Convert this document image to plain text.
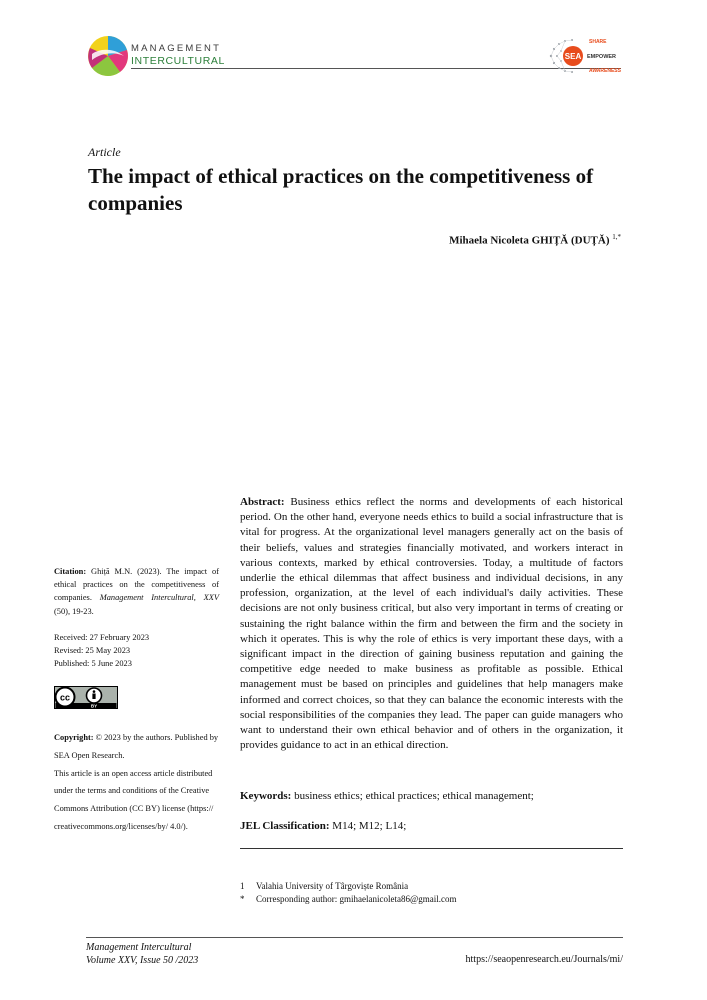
MANAGEMENT
INTERCULTURAL	SEA
SHARE
EMPOWER
AWARENESS
Article
The impact of ethical practices on the competitiveness of companies
Mihaela Nicoleta GHIȚĂ (DUȚĂ) $^{1,*}$

Abstract: Business ethics reflect the norms and developments of each historical period. On the other hand, everyone needs ethics to build a social infrastructure that is vital for progress. At the organizational level managers generally act on the basis of their beliefs, values and strategies financially motivated, and workers interact in various contexts, marked by ethical controversies. Today, a multitude of factors underlie the ethical dilemmas that affect business and individual decisions, in any profession, organization, at the level of each individual's daily activities. These decisions are not only business critical, but also very important in terms of creating or sustaining the right balance within the firm and between the firm and the society in which it operates. This is why the role of ethics is very important these days, with a significant impact in the direction of gaining business reputation and gaining the competitive edge needed to make business as profitable as possible. Ethical management must be based on principles and guidelines that help managers make informed and correct choices, so that they can balance the economic interests with the social responsibilities of the companies they lead. The paper can guide managers who want to understand their own ethical behavior and of others in the organization, it provides guidance to act in an ethical direction.

Keywords: business ethics; ethical practices; ethical management;

JEL Classification: M14; M12; L14;

Citation: Ghiță M.N. (2023). The impact of ethical practices on the competitiveness of companies. Management Intercultural, XXV (50), 19-23.

Received: 27 February 2023
Revised: 25 May 2023
Published: 5 June 2023
cc
BY

Copyright: © 2023 by the authors. Published by SEA Open Research.
This article is an open access article distributed under the terms and conditions of the Creative Commons Attribution (CC BY) license (https:// creativecommons.org/licenses/by/ 4.0/).

1 Valahia University of Târgoviște România
* Corresponding author: gmihaelanicoleta86@gmail.com
Management Intercultural
Volume XXV, Issue 50 /2023	https://seaopenresearch.eu/Journals/mi/
